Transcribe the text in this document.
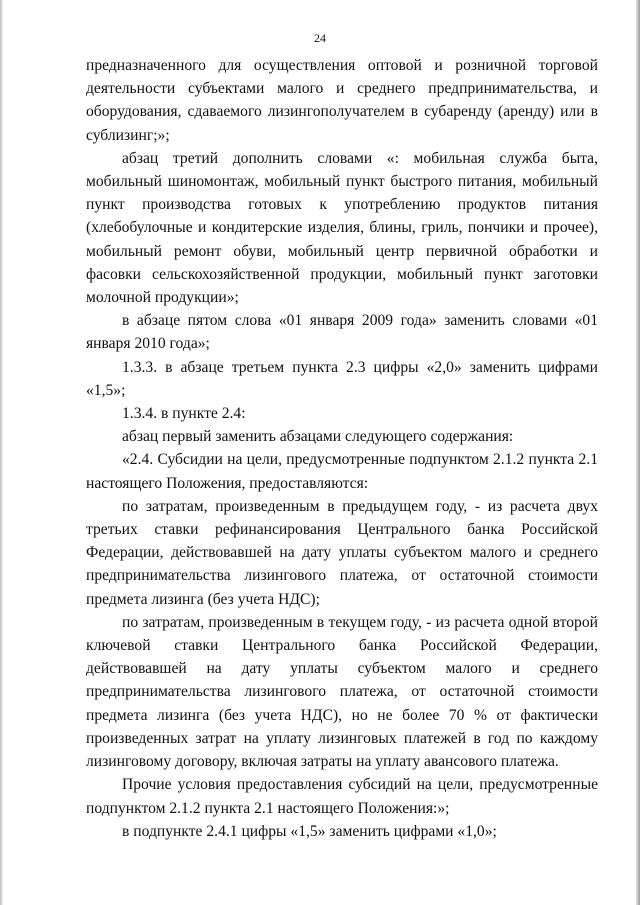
24

предназначенного для осуществления оптовой и розничной торговой деятельности субъектами малого и среднего предпринимательства, и оборудования, сдаваемого лизингополучателем в субаренду (аренду) или в сублизинг;»;

абзац третий дополнить словами «: мобильная служба быта, мобильный шиномонтаж, мобильный пункт быстрого питания, мобильный пункт производства готовых к употреблению продуктов питания (хлебобулочные и кондитерские изделия, блины, гриль, пончики и прочее), мобильный ремонт обуви, мобильный центр первичной обработки и фасовки сельскохозяйственной продукции, мобильный пункт заготовки молочной продукции»;

в абзаце пятом слова «01 января 2009 года» заменить словами «01 января 2010 года»;

1.3.3. в абзаце третьем пункта 2.3 цифры «2,0» заменить цифрами «1,5»;

1.3.4. в пункте 2.4:

абзац первый заменить абзацами следующего содержания:

«2.4. Субсидии на цели, предусмотренные подпунктом 2.1.2 пункта 2.1 настоящего Положения, предоставляются:

по затратам, произведенным в предыдущем году, - из расчета двух третьих ставки рефинансирования Центрального банка Российской Федерации, действовавшей на дату уплаты субъектом малого и среднего предпринимательства лизингового платежа, от остаточной стоимости предмета лизинга (без учета НДС);

по затратам, произведенным в текущем году, - из расчета одной второй ключевой ставки Центрального банка Российской Федерации, действовавшей на дату уплаты субъектом малого и среднего предпринимательства лизингового платежа, от остаточной стоимости предмета лизинга (без учета НДС), но не более 70 % от фактически произведенных затрат на уплату лизинговых платежей в год по каждому лизинговому договору, включая затраты на уплату авансового платежа.

Прочие условия предоставления субсидий на цели, предусмотренные подпунктом 2.1.2 пункта 2.1 настоящего Положения:»;

в подпункте 2.4.1 цифры «1,5» заменить цифрами «1,0»;
